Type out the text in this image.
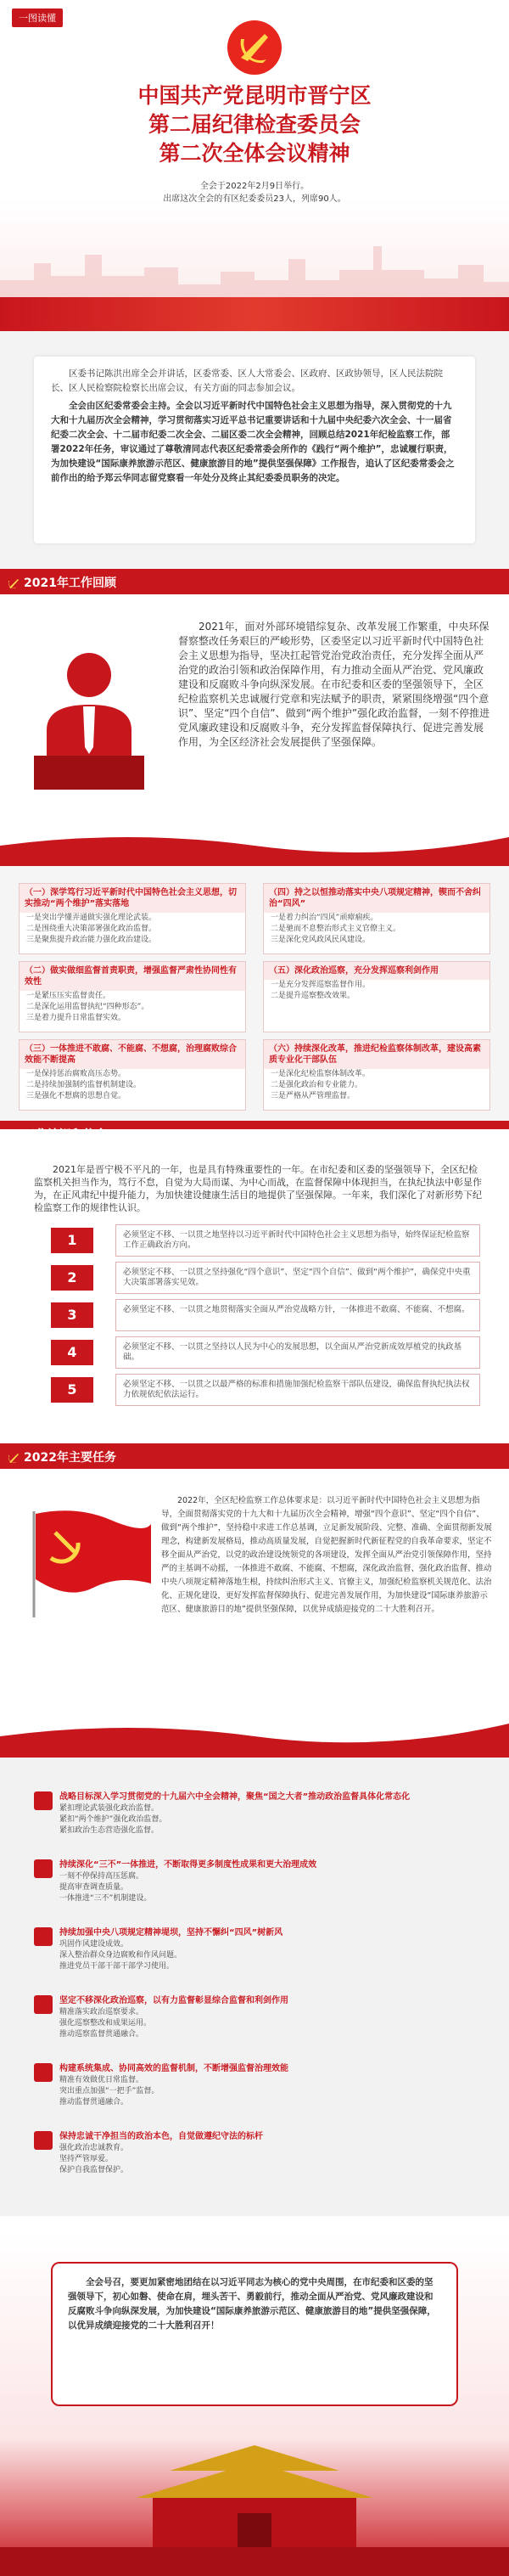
一图读懂
中国共产党昆明市晋宁区
第二届纪律检查委员会
第二次全体会议精神
全会于2022年2月9日举行。
出席这次全会的有区纪委委员23人，列席90人。

区委书记陈洪出席全会并讲话，区委常委、区人大常委会、区政府、区政协领导，区人民法院院长、区人民检察院检察长出席会议，有关方面的同志参加会议。

全会由区纪委常委会主持。全会以习近平新时代中国特色社会主义思想为指导，深入贯彻党的十九大和十九届历次全会精神，学习贯彻落实习近平总书记重要讲话和十九届中央纪委六次全会、十一届省纪委二次全会、十二届市纪委二次全会、二届区委二次全会精神，回顾总结2021年纪检监察工作，部署2022年任务，审议通过了尊敬清同志代表区纪委常委会所作的《践行“两个维护”，忠诚履行职责，为加快建设“国际康养旅游示范区、健康旅游目的地”提供坚强保障》工作报告，追认了区纪委常委会之前作出的给予郑云华同志留党察看一年处分及终止其纪委委员职务的决定。

2021年工作回顾
2021年，面对外部环境错综复杂、改革发展工作繁重，中央环保督察整改任务艰巨的严峻形势，区委坚定以习近平新时代中国特色社会主义思想为指导，坚决扛起管党治党政治责任，充分发挥全面从严治党的政治引领和政治保障作用，有力推动全面从严治党、党风廉政建设和反腐败斗争向纵深发展。在市纪委和区委的坚强领导下，全区纪检监察机关忠诚履行党章和宪法赋予的职责，紧紧围绕增强“四个意识”、坚定“四个自信”、做到“两个维护”强化政治监督，一刻不停推进党风廉政建设和反腐败斗争，充分发挥监督保障执行、促进完善发展作用，为全区经济社会发展提供了坚强保障。
（一）深学笃行习近平新时代中国特色社会主义思想，切实推动“两个维护”落实落地
一是突出学懂弄通做实强化理论武装。
二是围绕重大决策部署强化政治监督。
三是聚焦提升政治能力强化政治建设。
（四）持之以恒推动落实中央八项规定精神，锲而不舍纠治“四风”
一是着力纠治“四风”顽瘴痼疾。
二是驰而不息整治形式主义官僚主义。
三是深化党风政风民风建设。
（二）做实做细监督首责职责，增强监督严肃性协同性有效性
一是紧压压实监督责任。
二是深化运用监督执纪“四种形态”。
三是着力提升日常监督实效。
（五）深化政治巡察，充分发挥巡察利剑作用
一是充分发挥巡察监督作用。
二是提升巡察整改效果。
（三）一体推进不敢腐、不能腐、不想腐，治理腐败综合效能不断提高
一是保持惩治腐败高压态势。
二是持续加强制约监督机制建设。
三是强化不想腐的思想自觉。
（六）持续深化改革，推进纪检监察体制改革，建设高素质专业化干部队伍
一是深化纪检监察体制改革。
二是强化政治和专业能力。
三是严格从严管理监督。
2021年是晋宁极不平凡的一年，也是具有特殊重要性的一年。在市纪委和区委的坚强领导下，全区纪检监察机关担当作为，笃行不怠，自觉为大局而谋、为中心而战，在监督保障中体现担当，在执纪执法中彰显作为，在正风肃纪中提升能力，为加快建设健康生活目的地提供了坚强保障。一年来，我们深化了对新形势下纪检监察工作的规律性认识。
1	必须坚定不移、一以贯之地坚持以习近平新时代中国特色社会主义思想为指导，始终保证纪检监察工作正确政治方向。
2	必须坚定不移、一以贯之坚持强化“四个意识”、坚定“四个自信”、做到“两个维护”，确保党中央重大决策部署落实见效。
3	必须坚定不移、一以贯之地贯彻落实全面从严治党战略方针，一体推进不敢腐、不能腐、不想腐。
4	必须坚定不移、一以贯之坚持以人民为中心的发展思想，以全面从严治党新成效厚植党的执政基础。
5	必须坚定不移、一以贯之以最严格的标准和措施加强纪检监察干部队伍建设，确保监督执纪执法权力依规依纪依法运行。
2022年主要任务
2022年，全区纪检监察工作总体要求是：以习近平新时代中国特色社会主义思想为指导，全面贯彻落实党的十九大和十九届历次全会精神，增强“四个意识”、坚定“四个自信”、做到“两个维护”，坚持稳中求进工作总基调，立足新发展阶段、完整、准确、全面贯彻新发展理念，构建新发展格局，推动高质量发展，自觉把握新时代新征程党的自我革命要求，坚定不移全面从严治党，以党的政治建设统领党的各项建设，发挥全面从严治党引领保障作用，坚持严的主基调不动摇，一体推进不敢腐、不能腐、不想腐，深化政治监督、强化政治监督、推动中央八项规定精神落地生根，持续纠治形式主义、官僚主义，加强纪检监察机关规范化、法治化、正规化建设，更好发挥监督保障执行、促进完善发展作用，为加快建设“国际康养旅游示范区、健康旅游目的地”提供坚强保障，以优异成绩迎接党的二十大胜利召开。
战略目标深入学习贯彻党的十九届六中全会精神，聚焦“国之大者”推动政治监督具体化常态化
紧扣理论武装强化政治监督。
紧扣“两个维护”强化政治监督。
紧扣政治生态营造强化监督。
持续深化“三不”一体推进，不断取得更多制度性成果和更大治理成效
一刻不停保持高压惩腐。
提高审查调查质量。
一体推进“三不”机制建设。
持续加强中央八项规定精神堤坝，坚持不懈纠“四风”树新风
巩固作风建设成效。
深入整治群众身边腐败和作风问题。
推进党员干部干部干部学习使用。
坚定不移深化政治巡察，以有力监督彰显综合监督和利剑作用
精准落实政治巡察要求。
强化巡察整改和成果运用。
推动巡察监督贯通融合。
构建系统集成、协同高效的监督机制，不断增强监督治理效能
精准有效做优日常监督。
突出重点加强“一把手”监督。
推动监督贯通融合。
保持忠诚干净担当的政治本色，自觉做遵纪守法的标杆
强化政治忠诚教育。
坚持严管厚爱。
保护自我监督保护。
全会号召，要更加紧密地团结在以习近平同志为核心的党中央周围，在市纪委和区委的坚强领导下，初心如磐、使命在肩，埋头苦干、勇毅前行，推动全面从严治党、党风廉政建设和反腐败斗争向纵深发展，为加快建设“国际康养旅游示范区、健康旅游目的地”提供坚强保障，以优异成绩迎接党的二十大胜利召开！
